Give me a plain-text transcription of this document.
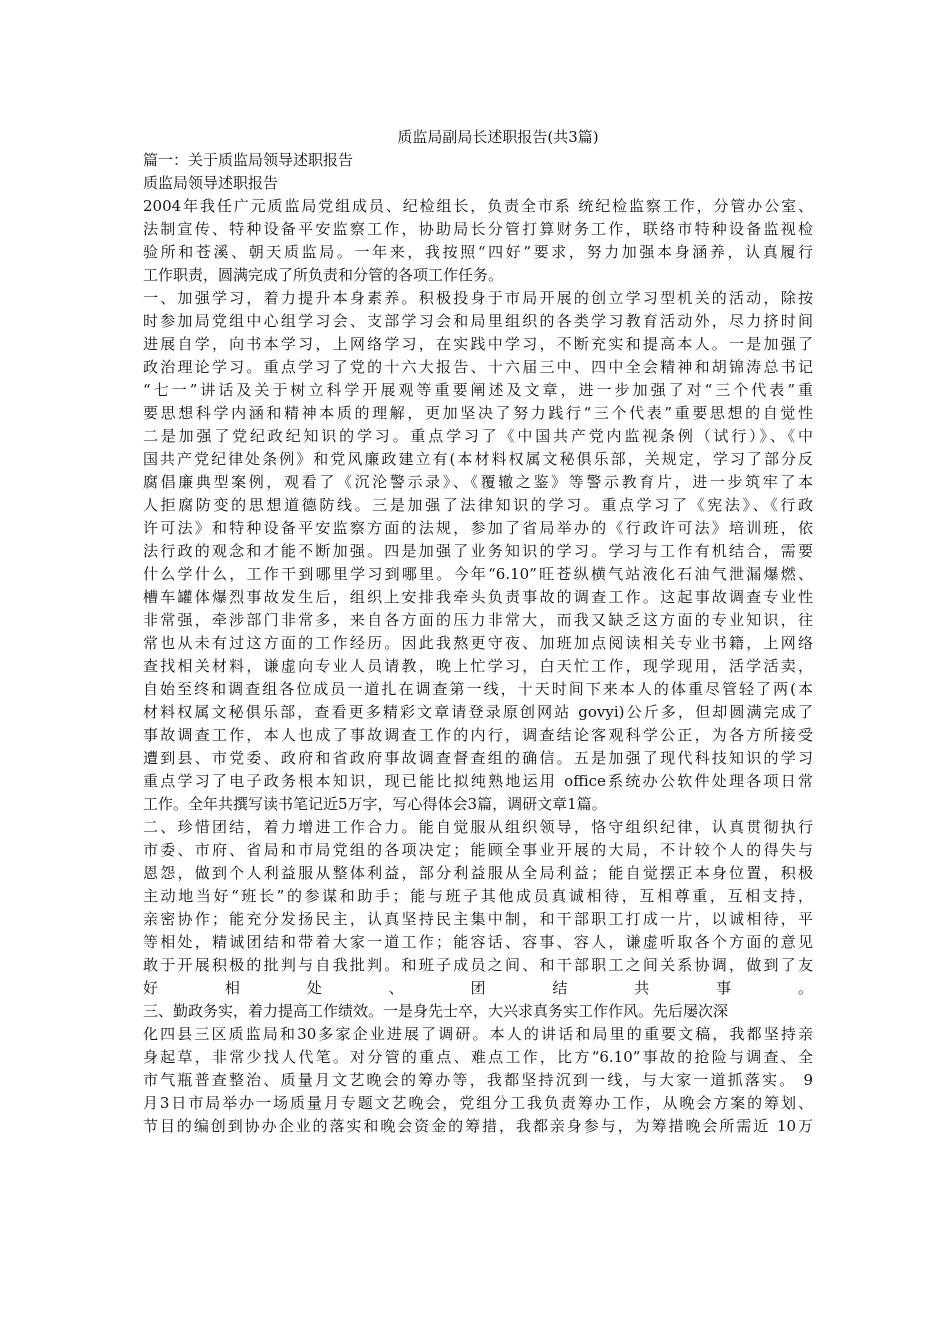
质监局副局长述职报告(共3篇)

篇一：关于质监局领导述职报告

质监局领导述职报告

2004年我任广元质监局党组成员、纪检组长，负责全市系 统纪检监察工作，分管办公室、

法制宣传、特种设备平安监察工作，协助局长分管打算财务工作，联络市特种设备监视检

验所和苍溪、朝天质监局。一年来，我按照“四好”要求，努力加强本身涵养，认真履行

工作职责，圆满完成了所负责和分管的各项工作任务。

一、加强学习，着力提升本身素养。积极投身于市局开展的创立学习型机关的活动，除按

时参加局党组中心组学习会、支部学习会和局里组织的各类学习教育活动外，尽力挤时间

进展自学，向书本学习，上网络学习，在实践中学习，不断充实和提高本人。一是加强了

政治理论学习。重点学习了党的十六大报告、十六届三中、四中全会精神和胡锦涛总书记

“七一”讲话及关于树立科学开展观等重要阐述及文章，进一步加强了对“三个代表”重

要思想科学内涵和精神本质的理解，更加坚决了努力践行“三个代表”重要思想的自觉性

二是加强了党纪政纪知识的学习。重点学习了《中国共产党内监视条例（试行）》、《中

国共产党纪律处条例》和党风廉政建立有(本材料权属文秘俱乐部，关规定，学习了部分反

腐倡廉典型案例，观看了《沉沦警示录》、《覆辙之鉴》等警示教育片，进一步筑牢了本

人拒腐防变的思想道德防线。三是加强了法律知识的学习。重点学习了《宪法》、《行政

许可法》和特种设备平安监察方面的法规，参加了省局举办的《行政许可法》培训班，依

法行政的观念和才能不断加强。四是加强了业务知识的学习。学习与工作有机结合，需要

什么学什么，工作干到哪里学习到哪里。今年“6.10”旺苍纵横气站液化石油气泄漏爆燃、

槽车罐体爆烈事故发生后，组织上安排我牵头负责事故的调查工作。这起事故调查专业性

非常强，牵涉部门非常多，来自各方面的压力非常大，而我又缺乏这方面的专业知识，往

常也从未有过这方面的工作经历。因此我熬更守夜、加班加点阅读相关专业书籍，上网络

查找相关材料，谦虚向专业人员请教，晚上忙学习，白天忙工作，现学现用，活学活卖，

自始至终和调查组各位成员一道扎在调查第一线，十天时间下来本人的体重尽管轻了两(本

材料权属文秘俱乐部，查看更多精彩文章请登录原创网站 govyi)公斤多，但却圆满完成了

事故调查工作，本人也成了事故调查工作的内行，调查结论客观科学公正，为各方所接受

遭到县、市党委、政府和省政府事故调查督查组的确信。五是加强了现代科技知识的学习

重点学习了电子政务根本知识，现已能比拟纯熟地运用 office系统办公软件处理各项日常

工作。全年共撰写读书笔记近5万字，写心得体会3篇，调研文章1篇。

二、珍惜团结，着力增进工作合力。能自觉服从组织领导，恪守组织纪律，认真贯彻执行

市委、市府、省局和市局党组的各项决定；能顾全事业开展的大局，不计较个人的得失与

恩怨，做到个人利益服从整体利益，部分利益服从全局利益；能自觉摆正本身位置，积极

主动地当好“班长”的参谋和助手；能与班子其他成员真诚相待，互相尊重，互相支持，

亲密协作；能充分发扬民主，认真坚持民主集中制，和干部职工打成一片，以诚相待，平

等相处，精诚团结和带着大家一道工作；能容话、容事、容人，谦虚听取各个方面的意见

敢于开展积极的批判与自我批判。和班子成员之间、和干部职工之间关系协调，做到了友

好相处、团结共事。

三、勤政务实，着力提高工作绩效。一是身先士卒，大兴求真务实工作作风。先后屡次深

化四县三区质监局和30多家企业进展了调研。本人的讲话和局里的重要文稿，我都坚持亲

身起草，非常少找人代笔。对分管的重点、难点工作，比方“6.10”事故的抢险与调查、全

市气瓶普查整治、质量月文艺晚会的筹办等，我都坚持沉到一线，与大家一道抓落实。 9

月3日市局举办一场质量月专题文艺晚会，党组分工我负责筹办工作，从晚会方案的筹划、

节目的编创到协办企业的落实和晚会资金的筹措，我都亲身参与，为筹措晚会所需近 10万
